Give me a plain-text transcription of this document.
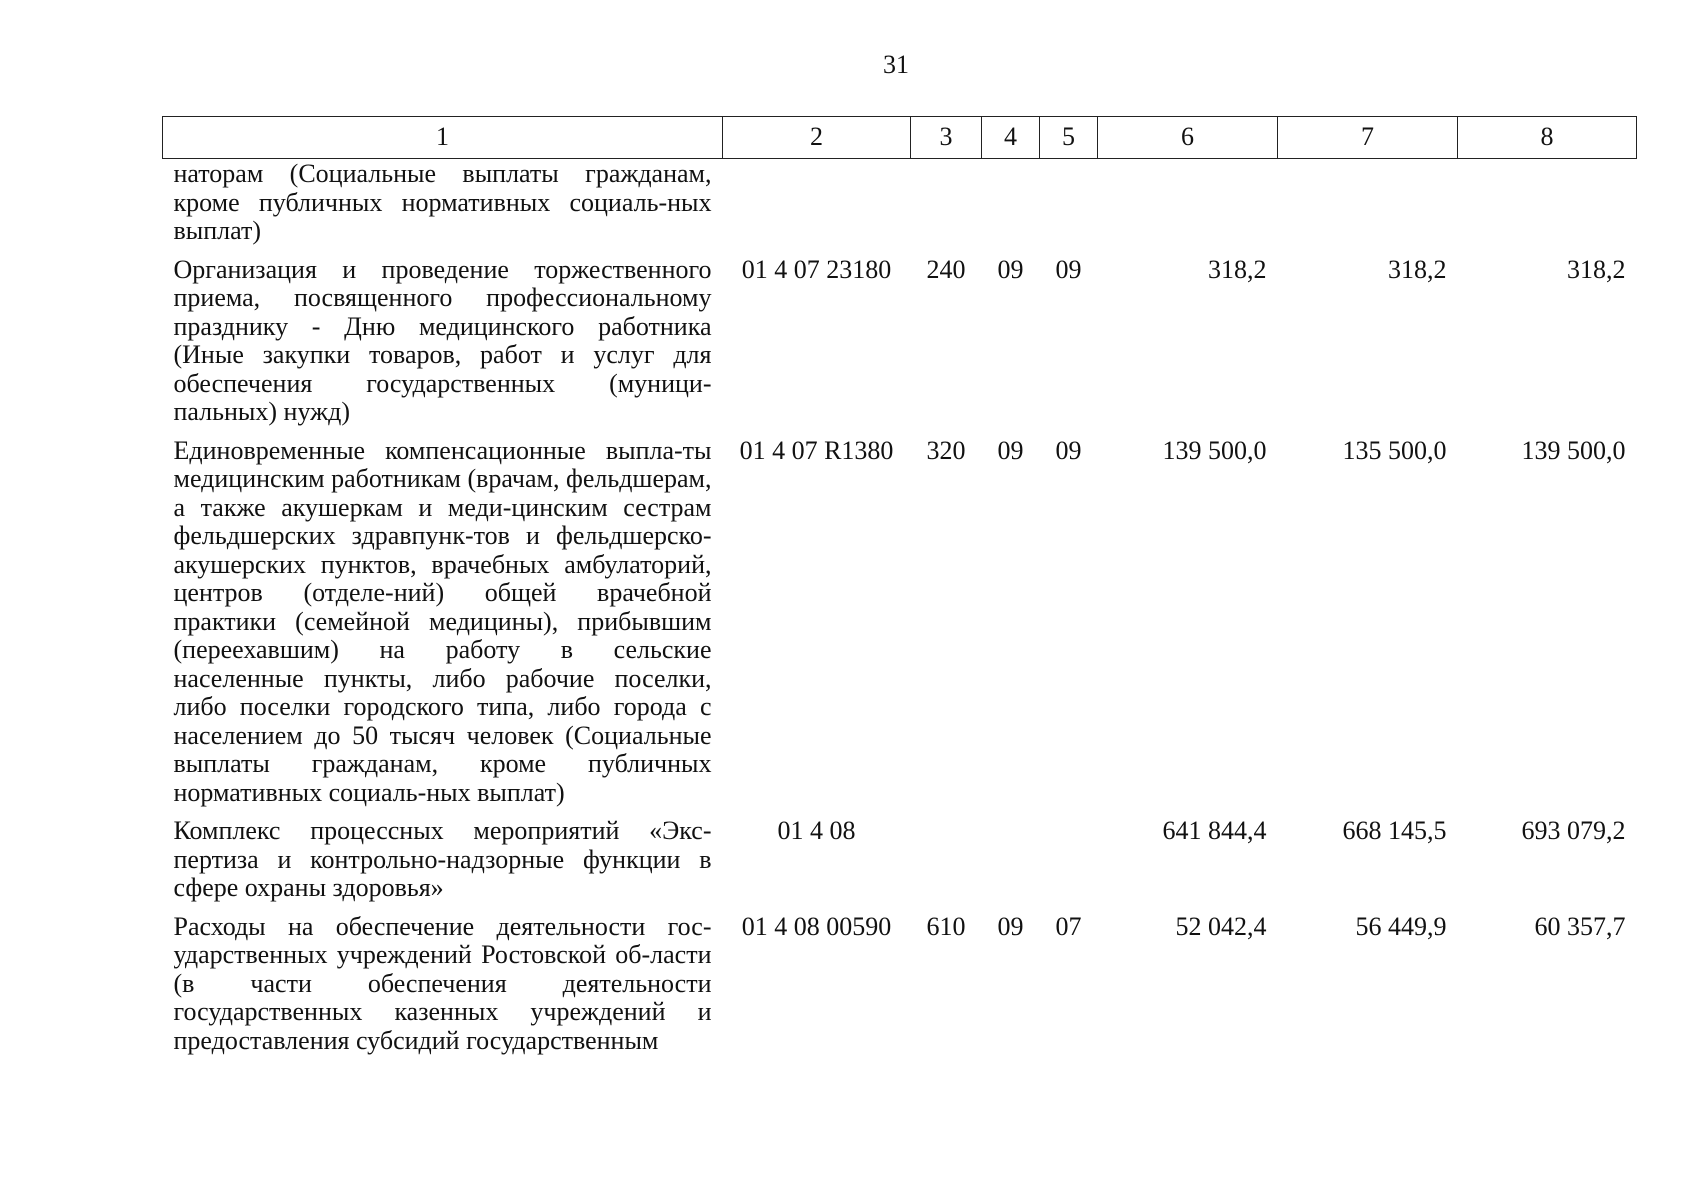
31
1	2	3	4	5	6	7	8
наторам (Социальные выплаты гражданам, кроме публичных нормативных социаль-ных выплат)							
Организация и проведение торжественного приема, посвященного профессиональному празднику - Дню медицинского работника (Иные закупки товаров, работ и услуг для обеспечения государственных (муници-пальных) нужд)	01 4 07 23180	240	09	09	318,2	318,2	318,2
Единовременные компенсационные выпла-ты медицинским работникам (врачам, фельдшерам, а также акушеркам и меди-цинским сестрам фельдшерских здравпунк-тов и фельдшерско-акушерских пунктов, врачебных амбулаторий, центров (отделе-ний) общей врачебной практики (семейной медицины), прибывшим (переехавшим) на работу в сельские населенные пункты, либо рабочие поселки, либо поселки городского типа, либо города с населением до 50 тысяч человек (Социальные выплаты гражданам, кроме публичных нормативных социаль-ных выплат)	01 4 07 R1380	320	09	09	139 500,0	135 500,0	139 500,0
Комплекс процессных мероприятий «Экс-пертиза и контрольно-надзорные функции в сфере охраны здоровья»	01 4 08				641 844,4	668 145,5	693 079,2
Расходы на обеспечение деятельности гос-ударственных учреждений Ростовской об-ласти (в части обеспечения деятельности государственных казенных учреждений и предоставления субсидий государственным	01 4 08 00590	610	09	07	52 042,4	56 449,9	60 357,7
